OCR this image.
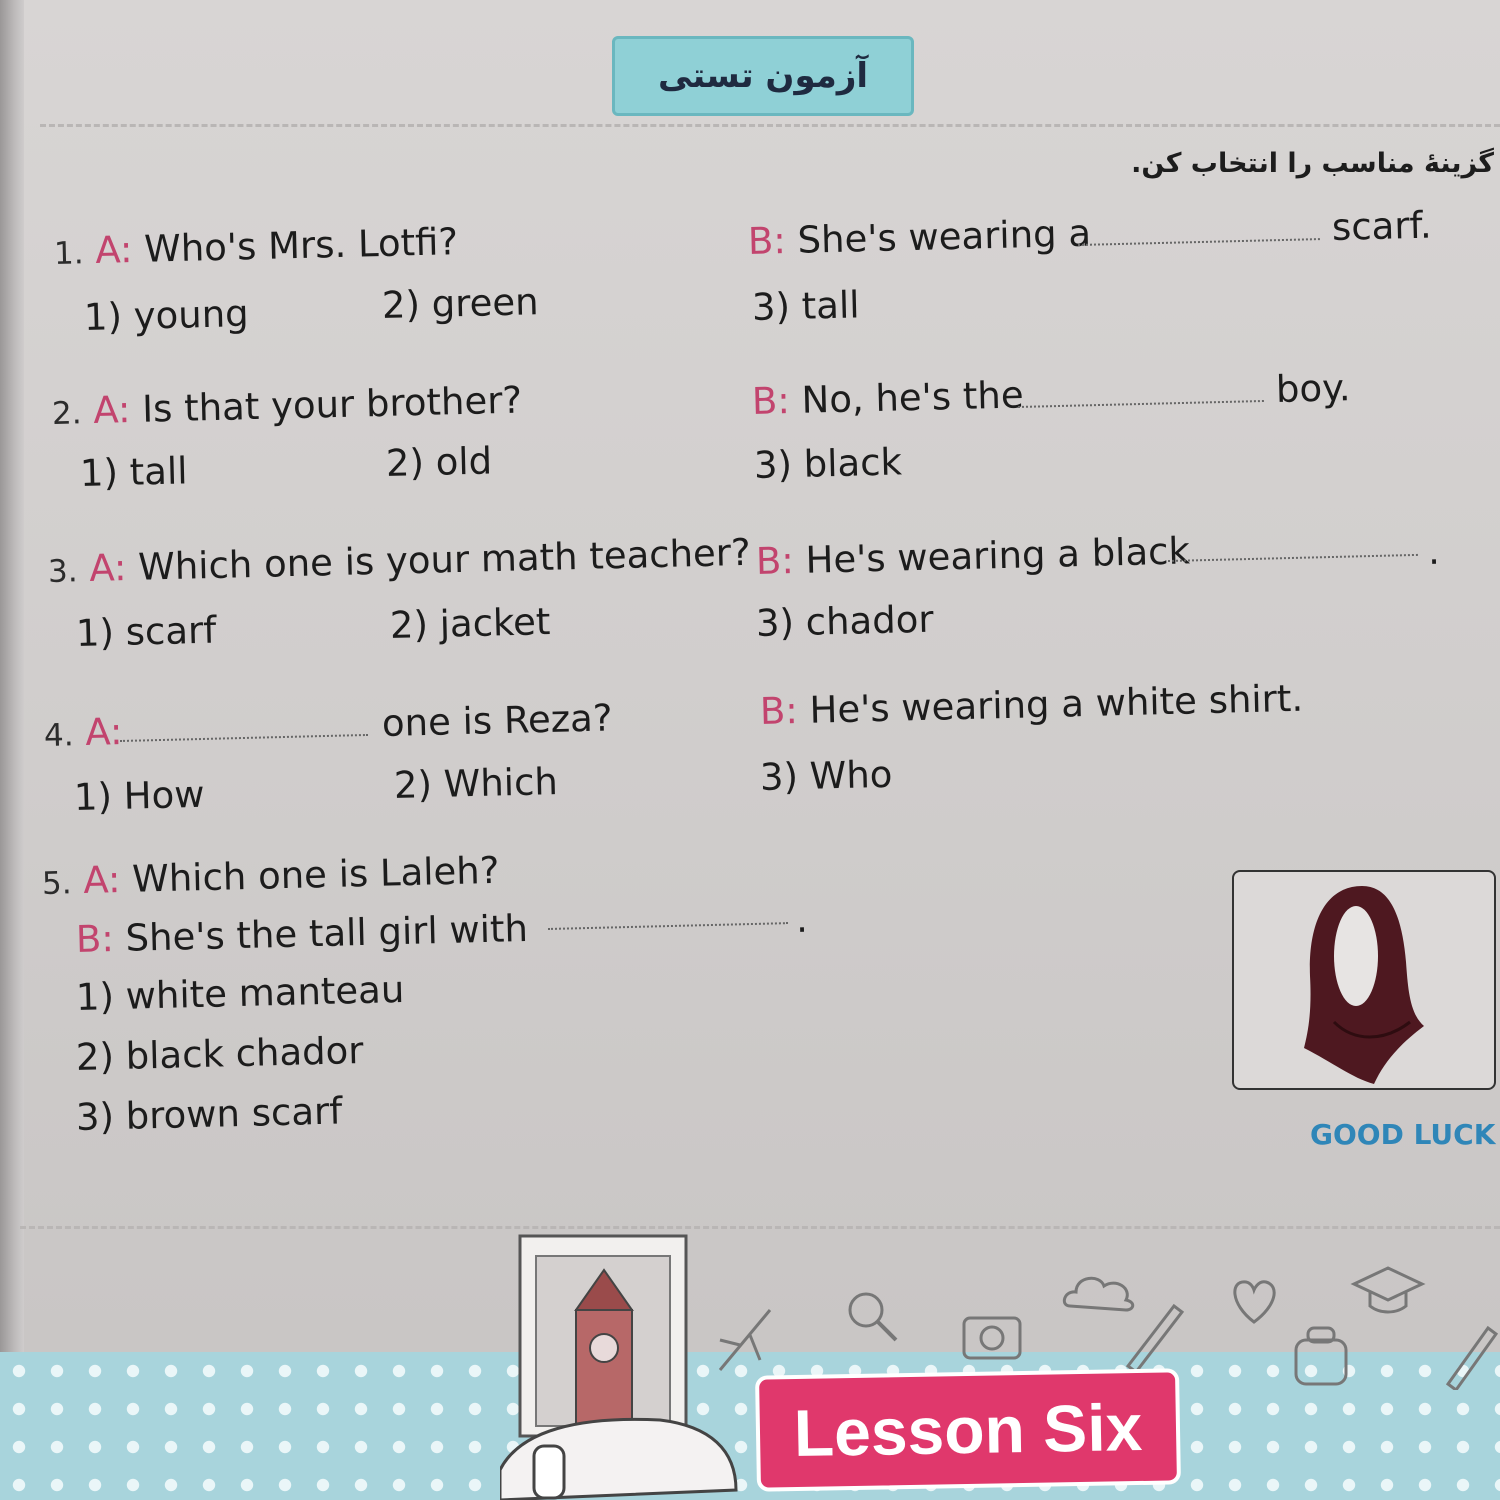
آزمون تستی
گزینهٔ مناسب را انتخاب کن.
1. A: Who's Mrs. Lotfi?	B: She's wearing a	scarf.
1) young	2) green	3) tall
2. A: Is that your brother?	B: No, he's the	boy.
1) tall	2) old	3) black
3. A: Which one is your math teacher? B: He's wearing a black	.
1) scarf	2) jacket	3) chador
4. A:	one is Reza?	B: He's wearing a white shirt.
1) How	2) Which	3) Who
5. A: Which one is Laleh?
B: She's the tall girl with	.
1) white manteau
2) black chador
3) brown scarf	GOOD LUCK
Lesson Six
